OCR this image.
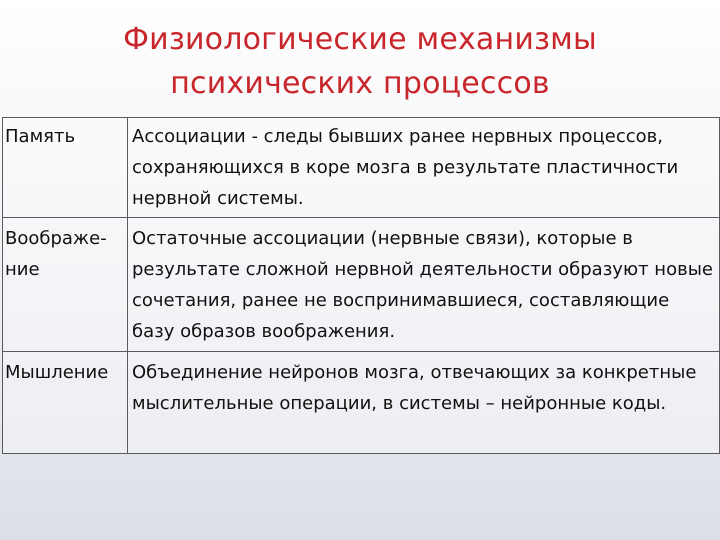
Физиологические механизмы
психических процессов
Память	Ассоциации - следы бывших ранее нервных процессов, сохраняющихся в коре мозга в результате пластичности нервной системы.

Воображе-
ние	Остаточные ассоциации (нервные связи), которые в результате сложной нервной деятельности образуют новые сочетания, ранее не воспринимавшиеся, составляющие базу образов воображения.

Мышление	Объединение нейронов мозга, отвечающих за конкретные мыслительные операции, в системы – нейронные коды.
